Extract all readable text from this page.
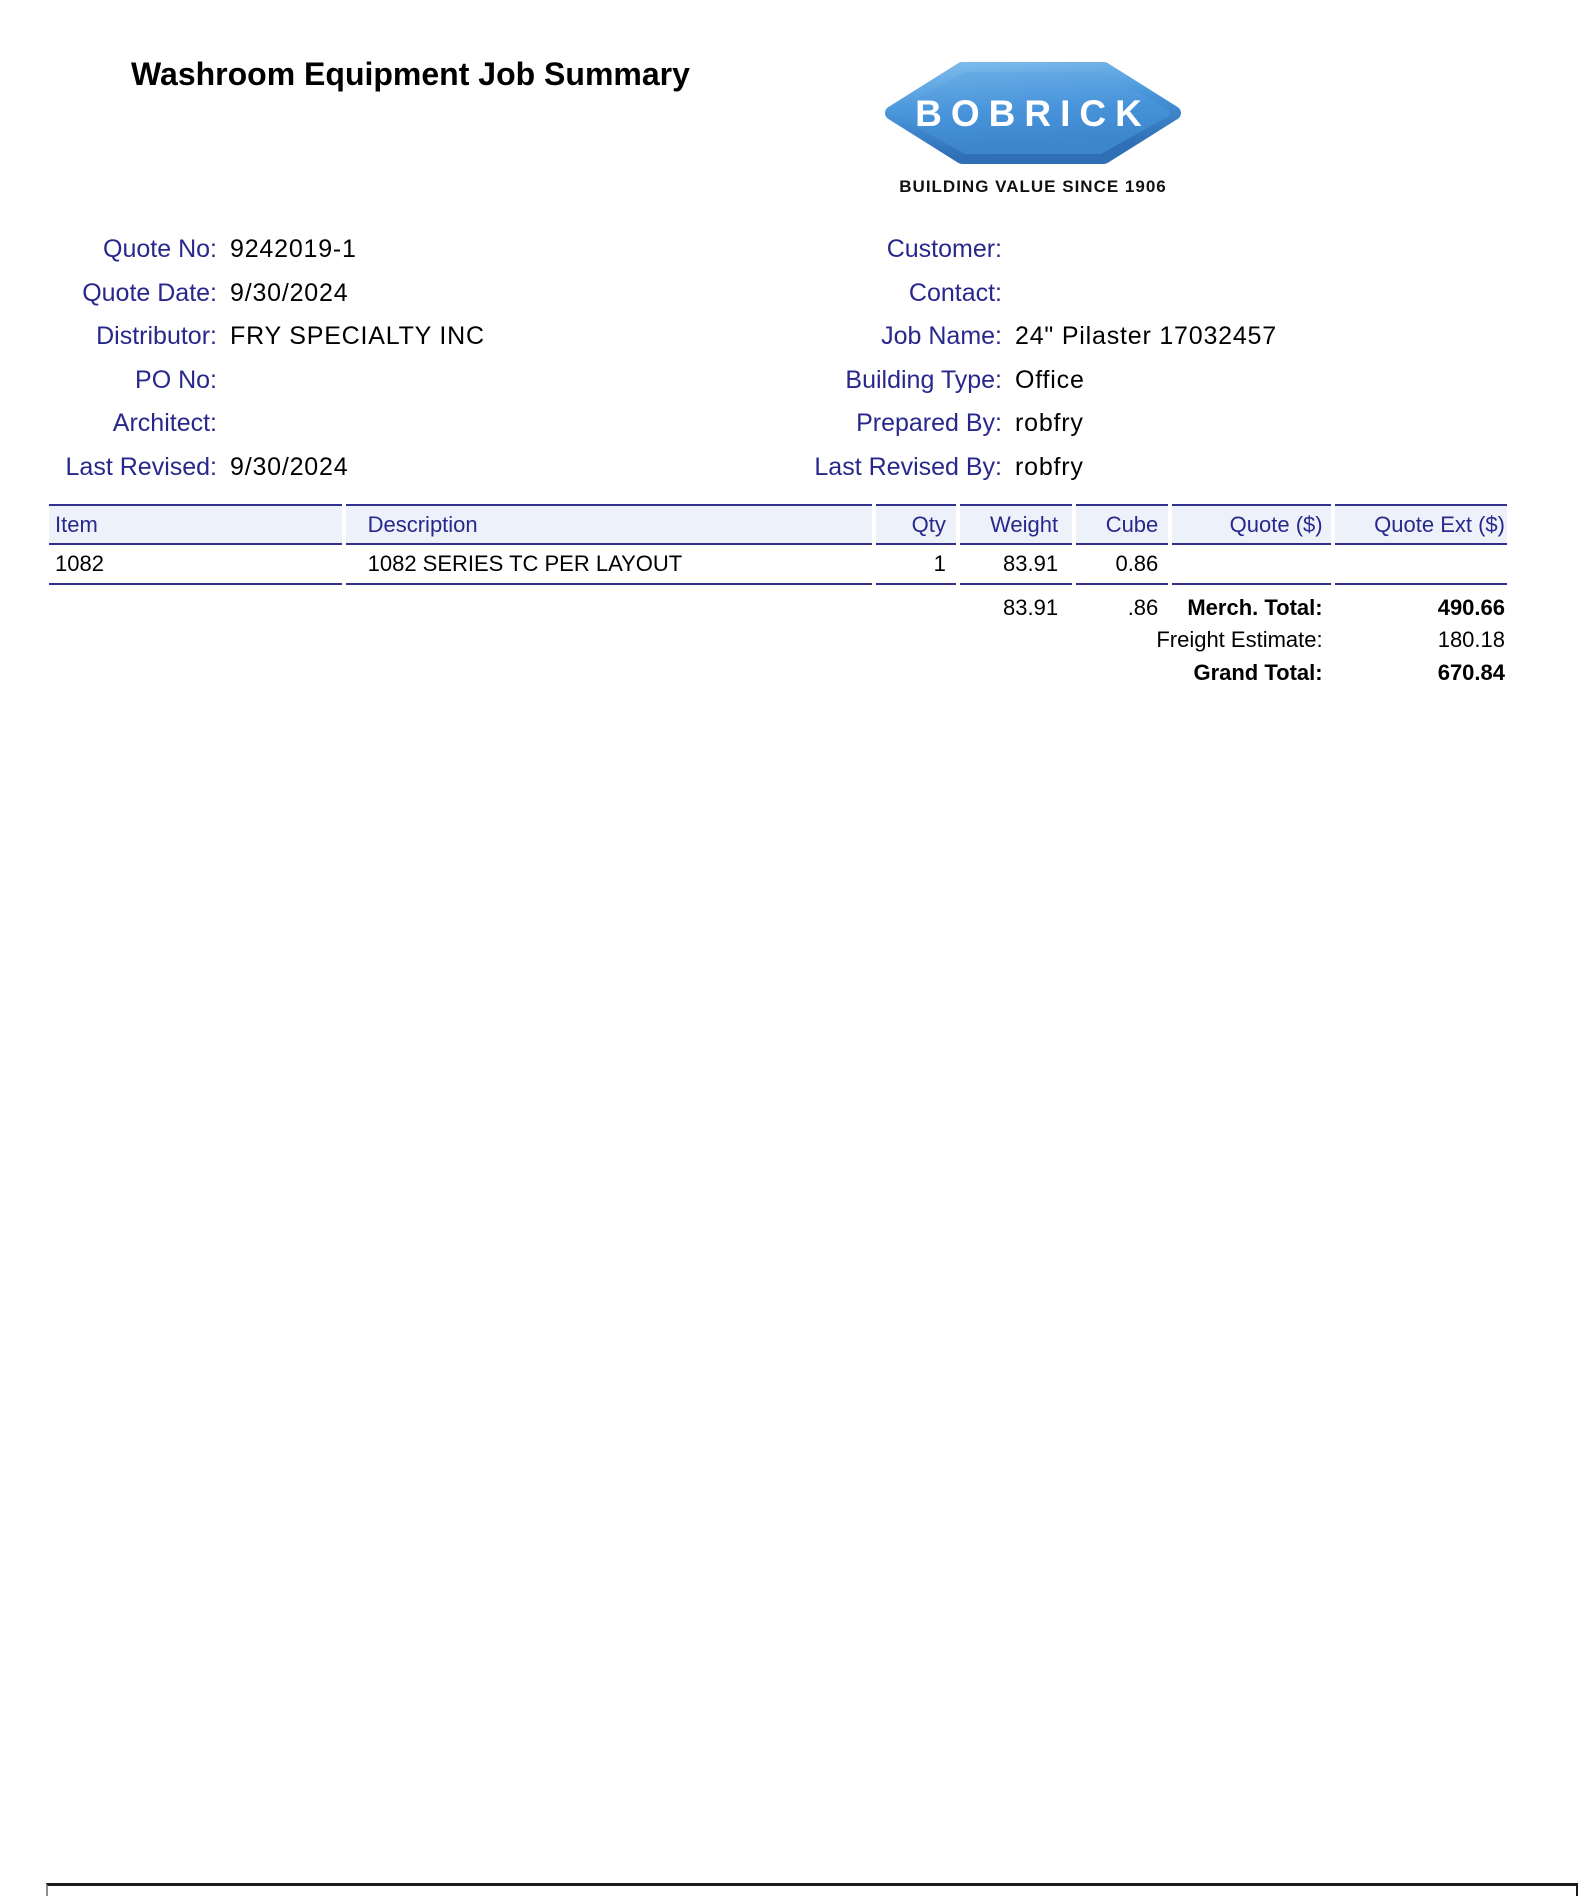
Washroom Equipment Job Summary
BOBRICK
BUILDING VALUE SINCE 1906
Quote No: 9242019-1
Quote Date: 9/30/2024
Distributor: FRY SPECIALTY INC
PO No:
Architect:
Last Revised: 9/30/2024
Customer:
Contact:
Job Name: 24" Pilaster 17032457
Building Type: Office
Prepared By: robfry
Last Revised By: robfry
Item	Description	Qty	Weight	Cube	Quote ($)	Quote Ext ($)
1082	1082 SERIES TC PER LAYOUT	1	83.91	0.86		
			83.91	.86	Merch. Total:	490.66
Freight Estimate:						180.18
Grand Total:						670.84
